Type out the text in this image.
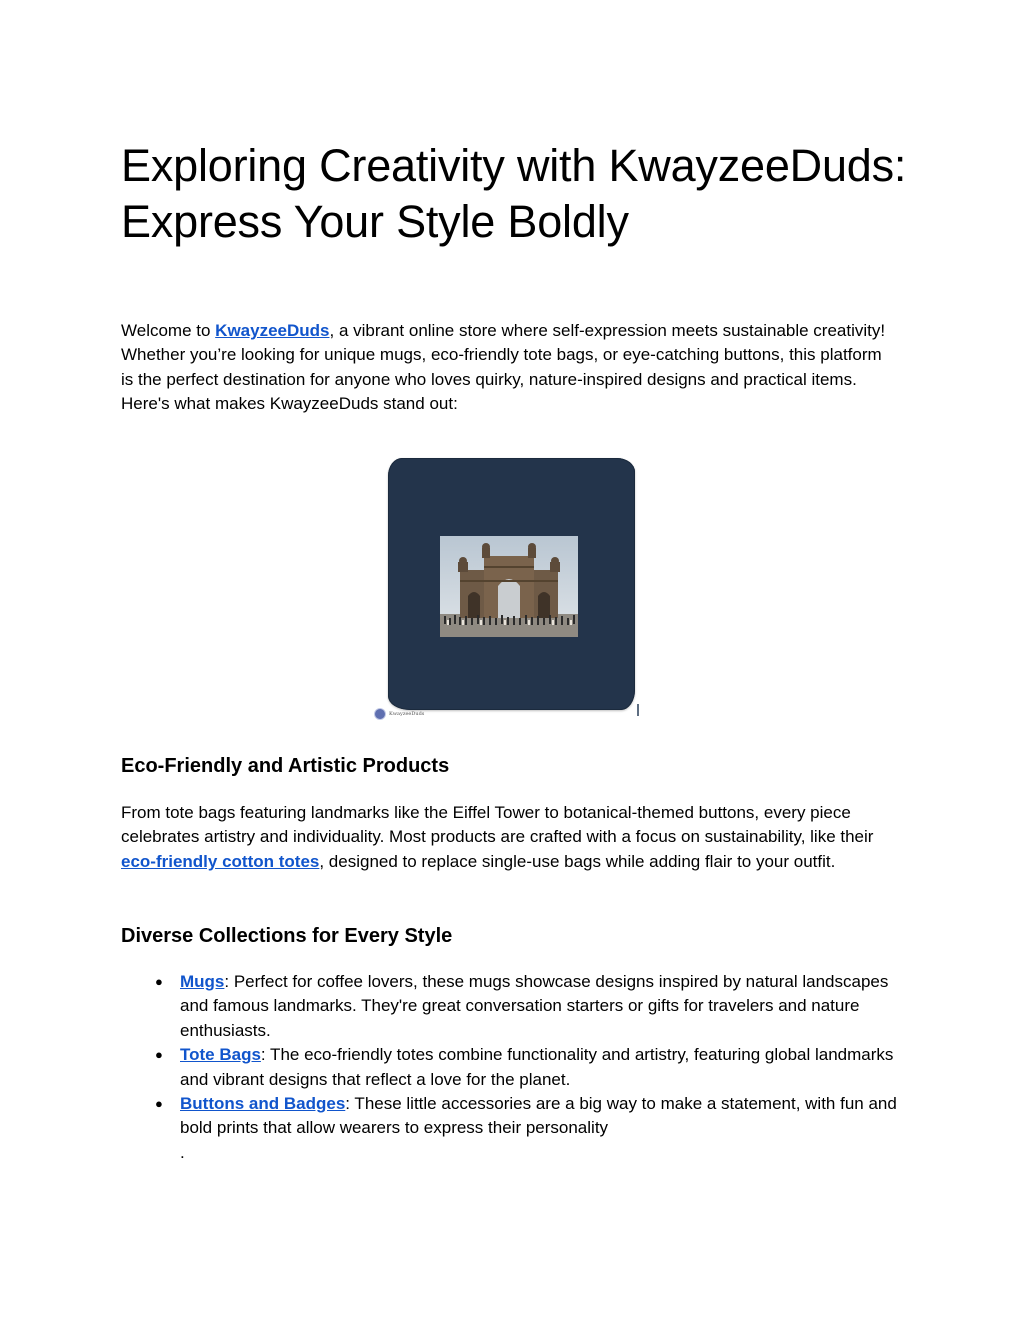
Exploring Creativity with KwayzeeDuds:
Express Your Style Boldly

Welcome to KwayzeeDuds, a vibrant online store where self-expression meets sustainable creativity! Whether you’re looking for unique mugs, eco-friendly tote bags, or eye-catching buttons, this platform is the perfect destination for anyone who loves quirky, nature-inspired designs and practical items. Here's what makes KwayzeeDuds stand out:

KwayzeeDuds
Eco-Friendly and Artistic Products

From tote bags featuring landmarks like the Eiffel Tower to botanical-themed buttons, every piece celebrates artistry and individuality. Most products are crafted with a focus on sustainability, like their eco-friendly cotton totes, designed to replace single-use bags while adding flair to your outfit.

Diverse Collections for Every Style
● Mugs: Perfect for coffee lovers, these mugs showcase designs inspired by natural landscapes and famous landmarks. They're great conversation starters or gifts for travelers and nature enthusiasts.
● Tote Bags: The eco-friendly totes combine functionality and artistry, featuring global landmarks and vibrant designs that reflect a love for the planet.
● Buttons and Badges: These little accessories are a big way to make a statement, with fun and bold prints that allow wearers to express their personality
.
